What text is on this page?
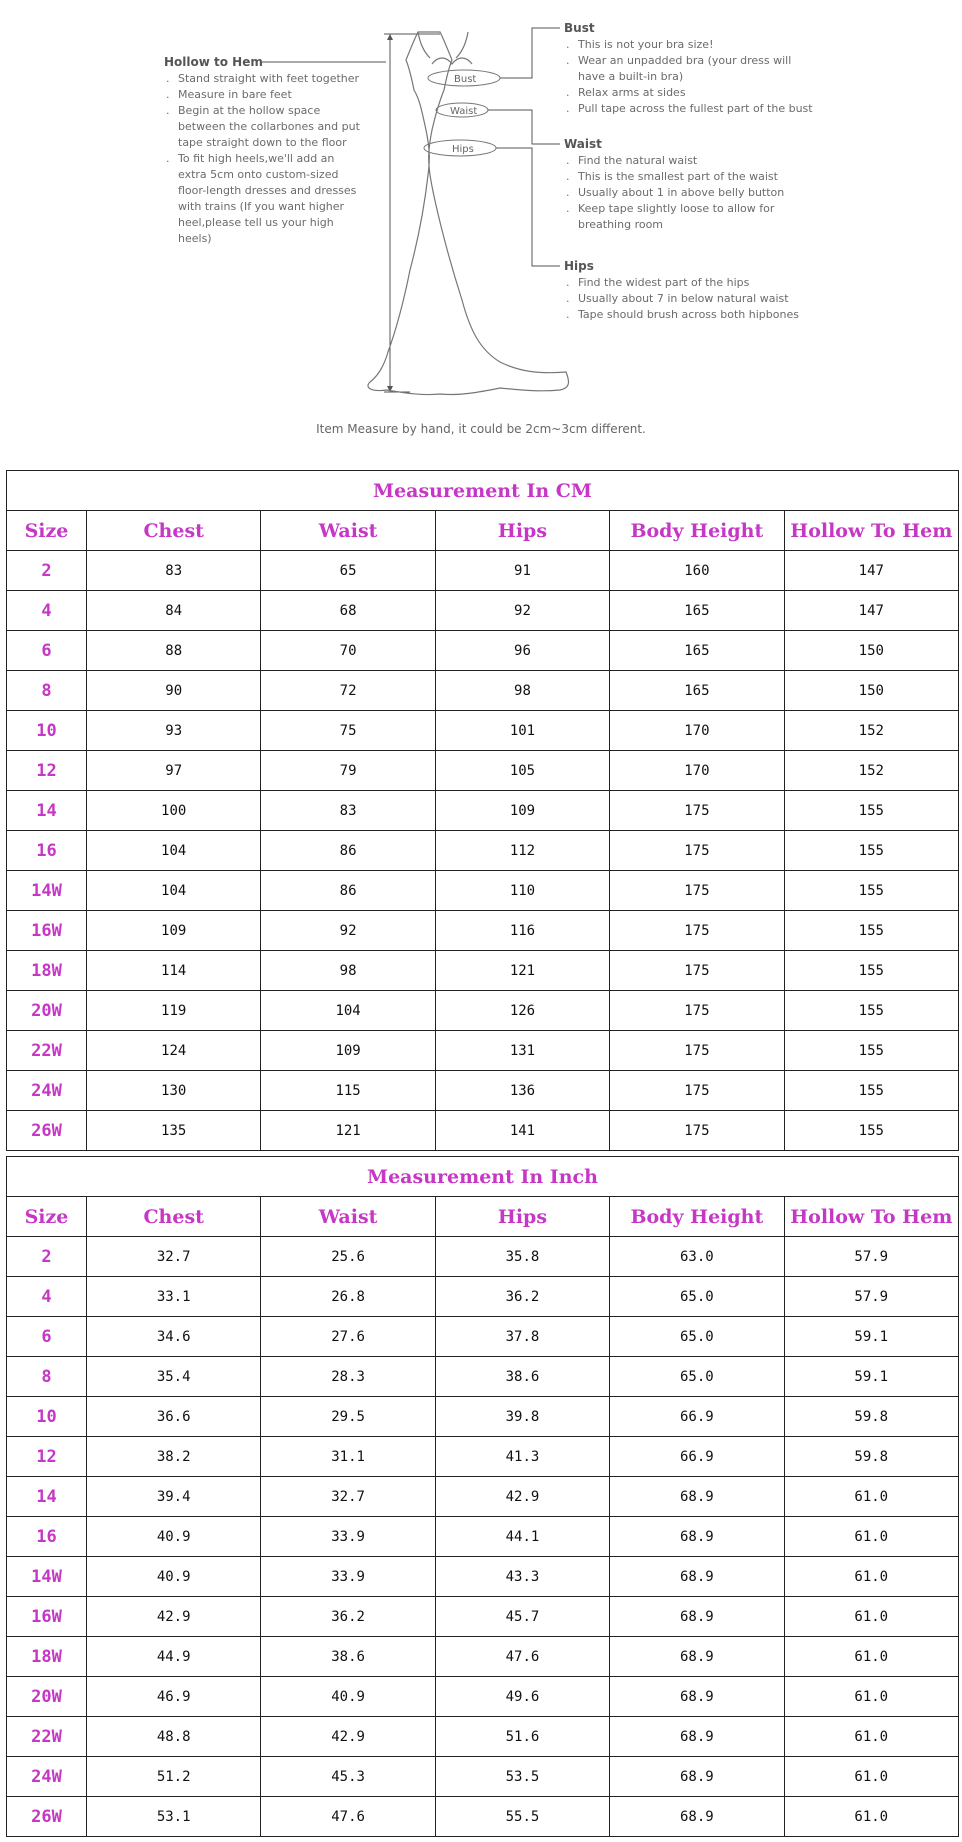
Bust
Waist
Hips
Hollow to Hem
. Stand straight with feet together
. Measure in bare feet
. Begin at the hollow space between the collarbones and put tape straight down to the floor
. To fit high heels,we'll add an extra 5cm onto custom-sized floor-length dresses and dresses with trains (If you want higher heel,please tell us your high heels)
Bust
. This is not your bra size!
. Wear an unpadded bra (your dress will have a built-in bra)
. Relax arms at sides
. Pull tape across the fullest part of the bust
Waist
. Find the natural waist
. This is the smallest part of the waist
. Usually about 1 in above belly button
. Keep tape slightly loose to allow for breathing room
Hips
. Find the widest part of the hips
. Usually about 7 in below natural waist
. Tape should brush across both hipbones
Item Measure by hand, it could be 2cm~3cm different.
Measurement In CM					
Size	Chest	Waist	Hips	Body Height	Hollow To Hem
2	83	65	91	160	147
4	84	68	92	165	147
6	88	70	96	165	150
8	90	72	98	165	150
10	93	75	101	170	152
12	97	79	105	170	152
14	100	83	109	175	155
16	104	86	112	175	155
14W	104	86	110	175	155
16W	109	92	116	175	155
18W	114	98	121	175	155
20W	119	104	126	175	155
22W	124	109	131	175	155
24W	130	115	136	175	155
26W	135	121	141	175	155
Measurement In Inch					
Size	Chest	Waist	Hips	Body Height	Hollow To Hem
2	32.7	25.6	35.8	63.0	57.9
4	33.1	26.8	36.2	65.0	57.9
6	34.6	27.6	37.8	65.0	59.1
8	35.4	28.3	38.6	65.0	59.1
10	36.6	29.5	39.8	66.9	59.8
12	38.2	31.1	41.3	66.9	59.8
14	39.4	32.7	42.9	68.9	61.0
16	40.9	33.9	44.1	68.9	61.0
14W	40.9	33.9	43.3	68.9	61.0
16W	42.9	36.2	45.7	68.9	61.0
18W	44.9	38.6	47.6	68.9	61.0
20W	46.9	40.9	49.6	68.9	61.0
22W	48.8	42.9	51.6	68.9	61.0
24W	51.2	45.3	53.5	68.9	61.0
26W	53.1	47.6	55.5	68.9	61.0
